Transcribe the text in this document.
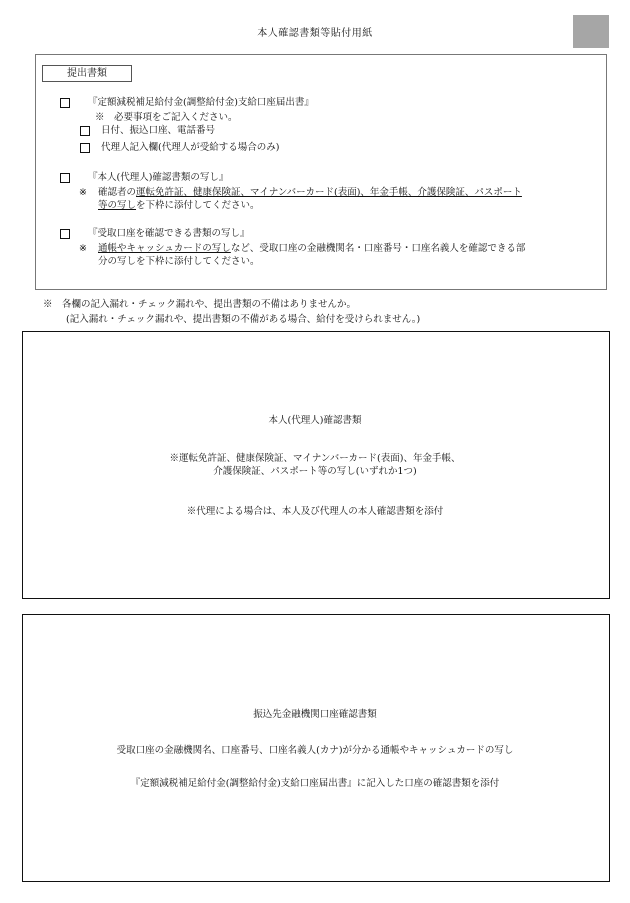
本人確認書類等貼付用紙
提出書類
『定額減税補足給付金(調整給付金)支給口座届出書』
※　必要事項をご記入ください。
日付、振込口座、電話番号
代理人記入欄(代理人が受給する場合のみ)
『本人(代理人)確認書類の写し』
※ 確認者の運転免許証、健康保険証、マイナンバーカード(表面)、年金手帳、介護保険証、パスポート
等の写しを下枠に添付してください。
『受取口座を確認できる書類の写し』
※ 通帳やキャッシュカードの写しなど、受取口座の金融機関名・口座番号・口座名義人を確認できる部
分の写しを下枠に添付してください。
※　各欄の記入漏れ・チェック漏れや、提出書類の不備はありませんか。
(記入漏れ・チェック漏れや、提出書類の不備がある場合、給付を受けられません。)
本人(代理人)確認書類
※運転免許証、健康保険証、マイナンバーカード(表面)、年金手帳、
介護保険証、パスポート等の写し(いずれか1つ)
※代理による場合は、本人及び代理人の本人確認書類を添付
振込先金融機関口座確認書類
受取口座の金融機関名、口座番号、口座名義人(カナ)が分かる通帳やキャッシュカードの写し
『定額減税補足給付金(調整給付金)支給口座届出書』に記入した口座の確認書類を添付
